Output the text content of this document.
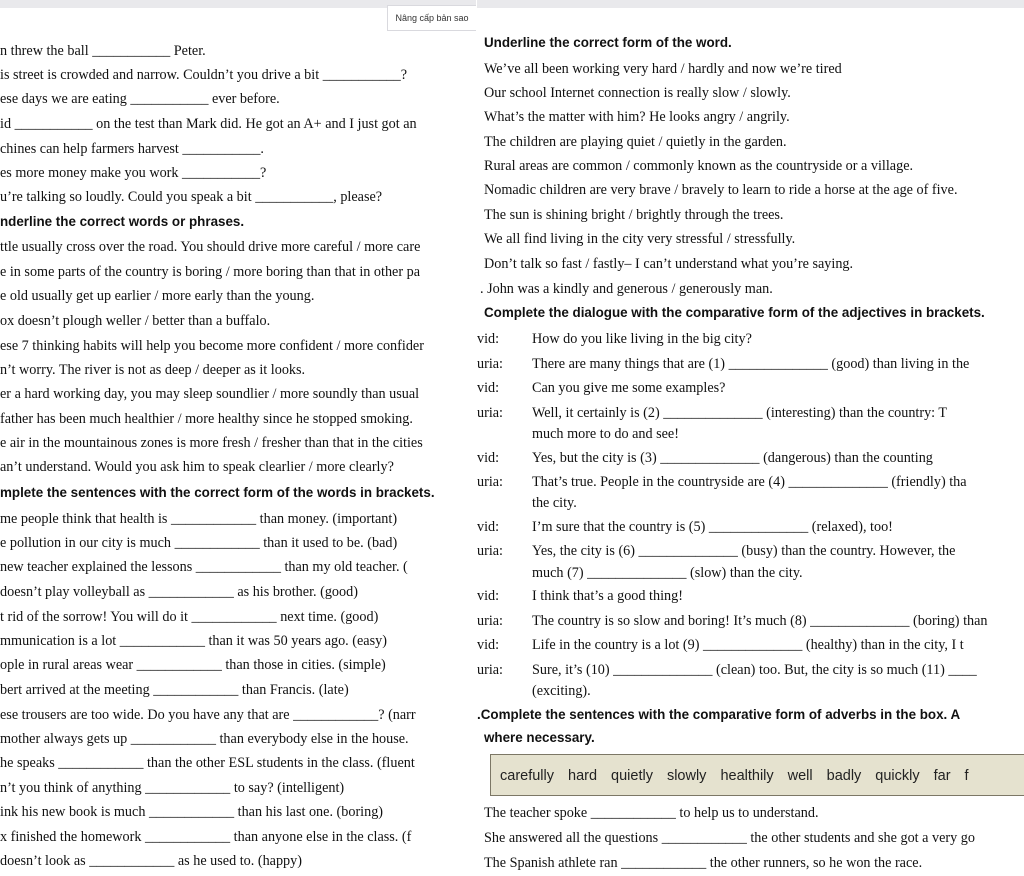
n threw the ball ___________ Peter.
is street is crowded and narrow. Couldn’t you drive a bit ___________?
ese days we are eating ___________ ever before.
id ___________ on the test than Mark did. He got an A+ and I just got an
chines can help farmers harvest ___________.
es more money make you work ___________?
u’re talking so loudly. Could you speak a bit ___________, please?
nderline the correct words or phrases.
ttle usually cross over the road. You should drive more careful / more care
e in some parts of the country is boring / more boring than that in other pa
e old usually get up earlier / more early than the young.
ox doesn’t plough weller / better than a buffalo.
ese 7 thinking habits will help you become more confident / more confider
n’t worry. The river is not as deep / deeper as it looks.
er a hard working day, you may sleep soundlier / more soundly than usual
father has been much healthier / more healthy since he stopped smoking.
e air in the mountainous zones is more fresh / fresher than that in the cities
an’t understand. Would you ask him to speak clearlier / more clearly?
mplete the sentences with the correct form of the words in brackets.
me people think that health is ____________ than money. (important)
e pollution in our city is much ____________ than it used to be. (bad)
new teacher explained the lessons ____________ than my old teacher. (
doesn’t play volleyball as ____________ as his brother. (good)
t rid of the sorrow! You will do it ____________ next time. (good)
mmunication is a lot ____________ than it was 50 years ago. (easy)
ople in rural areas wear ____________ than those in cities. (simple)
bert arrived at the meeting ____________ than Francis. (late)
ese trousers are too wide. Do you have any that are ____________? (narr
mother always gets up ____________ than everybody else in the house.
he speaks ____________ than the other ESL students in the class. (fluent
n’t you think of anything ____________ to say? (intelligent)
ink his new book is much ____________ than his last one. (boring)
x finished the homework ____________ than anyone else in the class. (f
doesn’t look as ____________ as he used to. (happy)
Nâng cấp bản sao
Underline the correct form of the word.
We’ve all been working very hard / hardly and now we’re tired
Our school Internet connection is really slow / slowly.
What’s the matter with him? He looks angry / angrily.
The children are playing quiet / quietly in the garden.
Rural areas are common / commonly known as the countryside or a village.
Nomadic children are very brave / bravely to learn to ride a horse at the age of five.
The sun is shining bright / brightly through the trees.
We all find living in the city very stressful / stressfully.
Don’t talk so fast / fastly– I can’t understand what you’re saying.
. John was a kindly and generous / generously man.
Complete the dialogue with the comparative form of the adjectives in brackets.
vid: How do you like living in the big city?
uria: There are many things that are (1) ______________ (good) than living in the
vid: Can you give me some examples?
uria: Well, it certainly is (2) ______________ (interesting) than the country: T
much more to do and see!
vid: Yes, but the city is (3) ______________ (dangerous) than the counting
uria: That’s true. People in the countryside are (4) ______________ (friendly) tha
the city.
vid: I’m sure that the country is (5) ______________ (relaxed), too!
uria: Yes, the city is (6) ______________ (busy) than the country. However, the
much (7) ______________ (slow) than the city.
vid: I think that’s a good thing!
uria: The country is so slow and boring! It’s much (8) ______________ (boring) than
vid: Life in the country is a lot (9) ______________ (healthy) than in the city, I t
uria: Sure, it’s (10) ______________ (clean) too. But, the city is so much (11) ____
(exciting).
.Complete the sentences with the comparative form of adverbs in the box. A
where necessary.
carefully hard quietly slowly healthily well badly quickly far f
The teacher spoke ____________ to help us to understand.
She answered all the questions ____________ the other students and she got a very go
The Spanish athlete ran ____________ the other runners, so he won the race.
